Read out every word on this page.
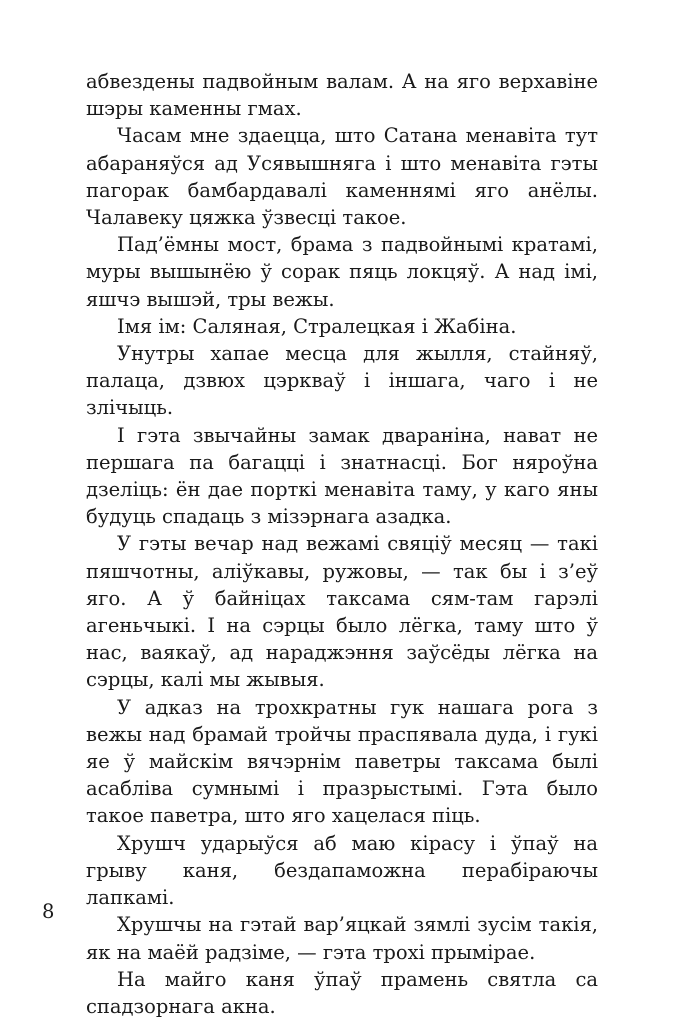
абвездены падвойным валам. А на яго верхавіне шэры каменны гмах.

Часам мне здаецца, што Сатана менавіта тут абараняўся ад Усявышняга і што менавіта гэты пагорак бамбардавалі каменнямі яго анёлы. Чалавеку цяжка ўзвесці такое.

Пад’ёмны мост, брама з падвойнымі кратамі, муры вышынёю ў сорак пяць локцяў. А над імі, яшчэ вышэй, тры вежы.

Імя ім: Саляная, Стралецкая і Жабіна.

Унутры хапае месца для жылля, стайняў, палаца, дзвюх цэркваў і іншага, чаго і не злічыць.

І гэта звычайны замак двараніна, нават не першага па багацці і знатнасці. Бог няроўна дзеліць: ён дае порткі менавіта таму, у каго яны будуць спадаць з мізэрнага азадка.

У гэты вечар над вежамі свяціў месяц — такі пяшчотны, аліўкавы, ружовы, — так бы і з’еў яго. А ў байніцах таксама сям-там гарэлі агеньчыкі. І на сэрцы было лёгка, таму што ў нас, ваякаў, ад нараджэння заўсёды лёгка на сэрцы, калі мы жывыя.

У адказ на трохкратны гук нашага рога з вежы над брамай тройчы праспявала дуда, і гукі яе ў майскім вячэрнім паветры таксама былі асабліва сумнымі і празрыстымі. Гэта было такое паветра, што яго хацелася піць.

Хрушч ударыўся аб маю кірасу і ўпаў на грыву каня, бездапаможна перабіраючы лапкамі.

Хрушчы на гэтай вар’яцкай зямлі зусім такія, як на маёй радзіме, — гэта трохі прымірае.

На майго каня ўпаў прамень святла са спадзорнага акна.

8
